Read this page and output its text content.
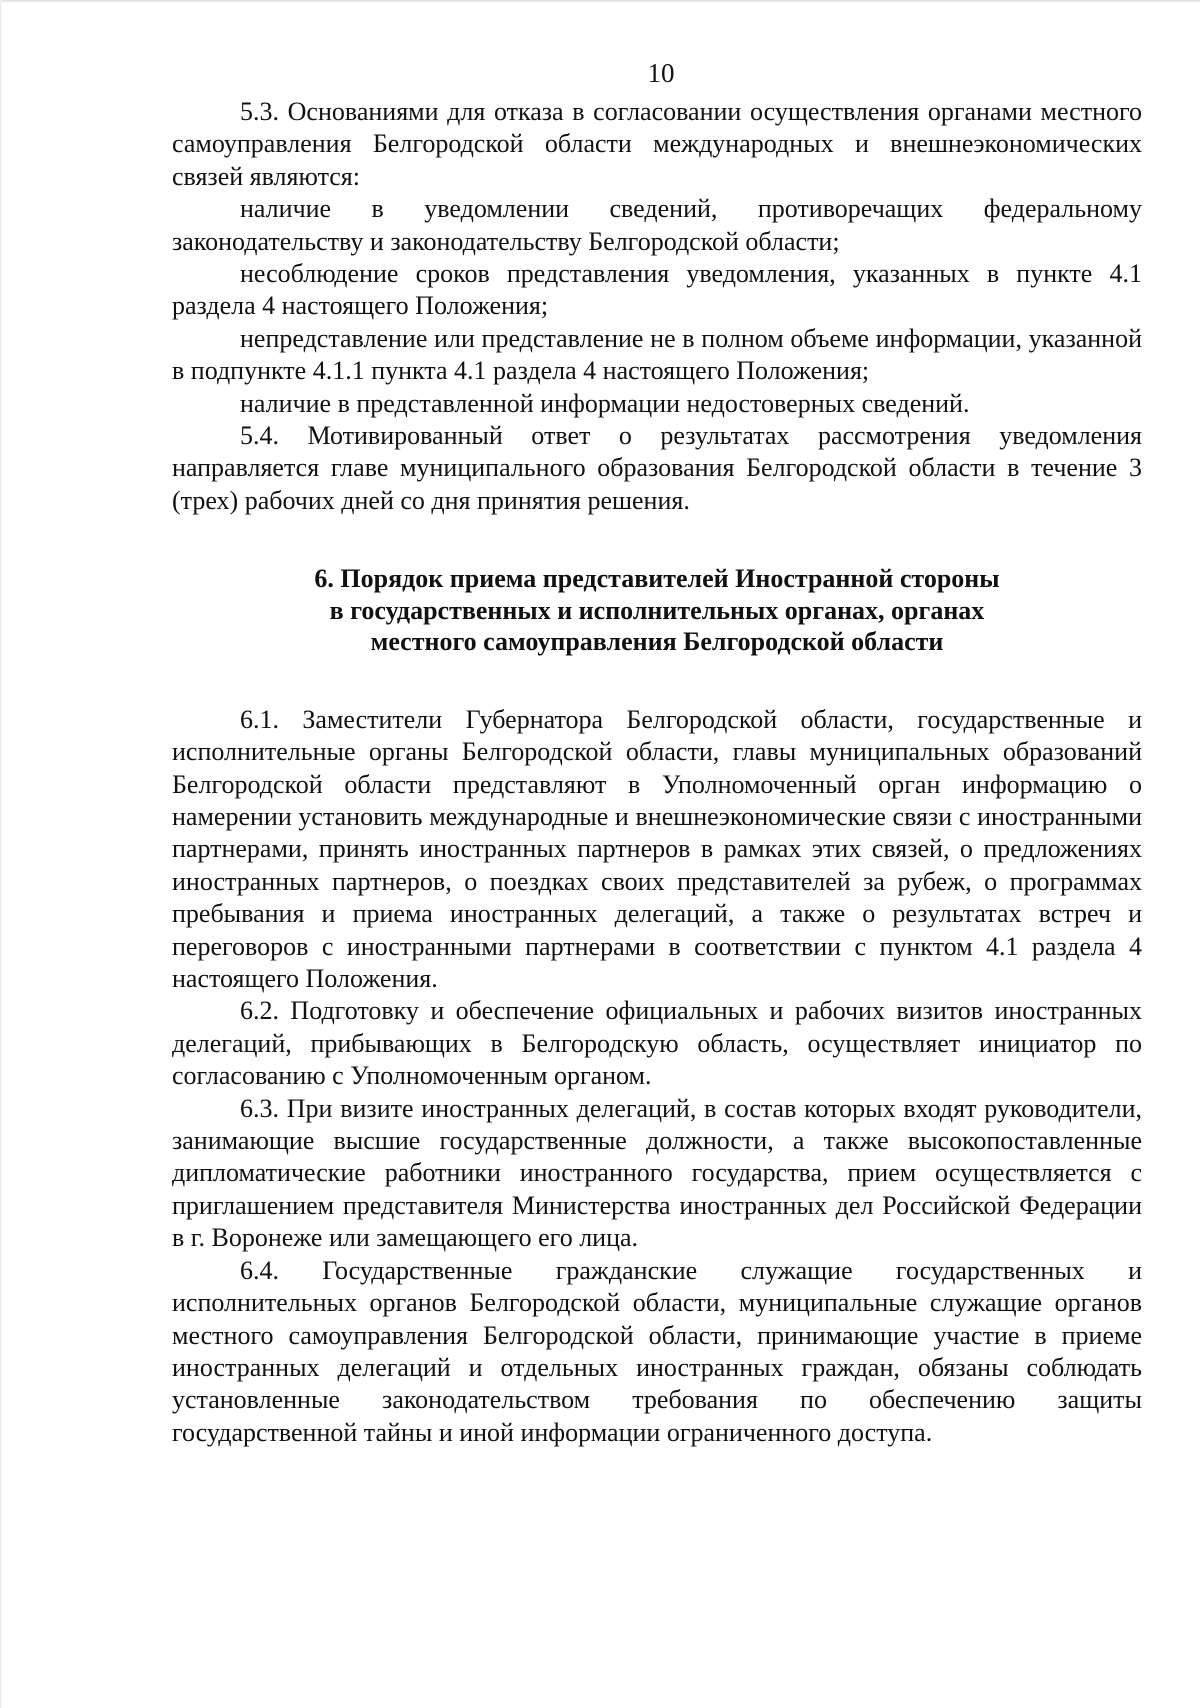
10

5.3. Основаниями для отказа в согласовании осуществления органами местного самоуправления Белгородской области международных и внешнеэкономических связей являются:

наличие в уведомлении сведений, противоречащих федеральному законодательству и законодательству Белгородской области;

несоблюдение сроков представления уведомления, указанных в пункте 4.1 раздела 4 настоящего Положения;

непредставление или представление не в полном объеме информации, указанной в подпункте 4.1.1 пункта 4.1 раздела 4 настоящего Положения;

наличие в представленной информации недостоверных сведений.

5.4. Мотивированный ответ о результатах рассмотрения уведомления направляется главе муниципального образования Белгородской области в течение 3 (трех) рабочих дней со дня принятия решения.

6. Порядок приема представителей Иностранной стороны
в государственных и исполнительных органах, органах
местного самоуправления Белгородской области

6.1. Заместители Губернатора Белгородской области, государственные и исполнительные органы Белгородской области, главы муниципальных образований Белгородской области представляют в Уполномоченный орган информацию о намерении установить международные и внешнеэкономические связи с иностранными партнерами, принять иностранных партнеров в рамках этих связей, о предложениях иностранных партнеров, о поездках своих представителей за рубеж, о программах пребывания и приема иностранных делегаций, а также о результатах встреч и переговоров с иностранными партнерами в соответствии с пунктом 4.1 раздела 4 настоящего Положения.

6.2. Подготовку и обеспечение официальных и рабочих визитов иностранных делегаций, прибывающих в Белгородскую область, осуществляет инициатор по согласованию с Уполномоченным органом.

6.3. При визите иностранных делегаций, в состав которых входят руководители, занимающие высшие государственные должности, а также высокопоставленные дипломатические работники иностранного государства, прием осуществляется с приглашением представителя Министерства иностранных дел Российской Федерации в г. Воронеже или замещающего его лица.

6.4. Государственные гражданские служащие государственных и исполнительных органов Белгородской области, муниципальные служащие органов местного самоуправления Белгородской области, принимающие участие в приеме иностранных делегаций и отдельных иностранных граждан, обязаны соблюдать установленные законодательством требования по обеспечению защиты государственной тайны и иной информации ограниченного доступа.
